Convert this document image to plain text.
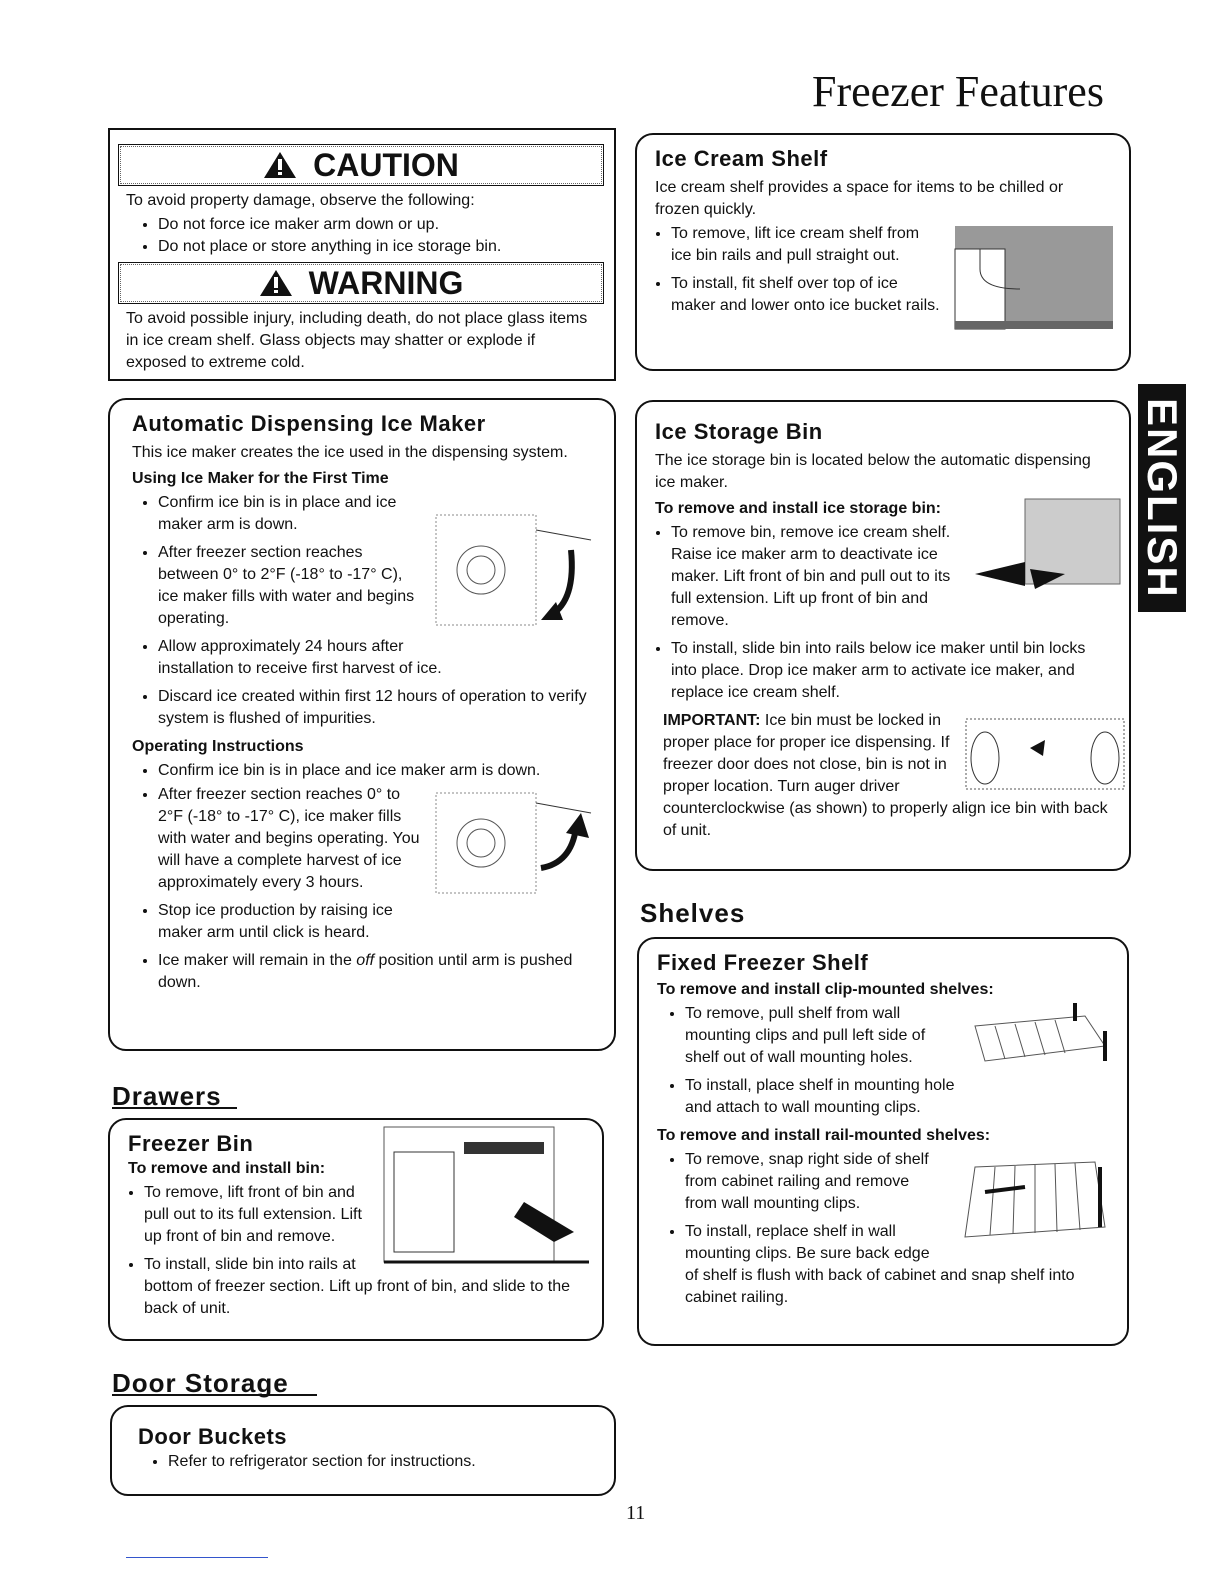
Freezer Features
CAUTION

To avoid property damage, observe the following:

• Do not force ice maker arm down or up.
• Do not place or store anything in ice storage bin.
WARNING

To avoid possible injury, including death, do not place glass items in ice cream shelf. Glass objects may shatter or explode if exposed to extreme cold.

Ice Cream Shelf

Ice cream shelf provides a space for items to be chilled or frozen quickly.

• To remove, lift ice cream shelf from ice bin rails and pull straight out.
• To install, fit shelf over top of ice maker and lower onto ice bucket rails.
Automatic Dispensing Ice Maker

This ice maker creates the ice used in the dispensing system.

Using Ice Maker for the First Time
• Confirm ice bin is in place and ice maker arm is down.
• After freezer section reaches between 0° to 2°F (-18° to -17° C), ice maker fills with water and begins operating.
• Allow approximately 24 hours after installation to receive first harvest of ice.
• Discard ice created within first 12 hours of operation to verify system is flushed of impurities.
Operating Instructions
• Confirm ice bin is in place and ice maker arm is down.
• After freezer section reaches 0° to 2°F (-18° to -17° C), ice maker fills with water and begins operating. You will have a complete harvest of ice approximately every 3 hours.
• Stop ice production by raising ice maker arm until click is heard.
• Ice maker will remain in the off position until arm is pushed down.
Ice Storage Bin

The ice storage bin is located below the automatic dispensing ice maker.

To remove and install ice storage bin:
• To remove bin, remove ice cream shelf. Raise ice maker arm to deactivate ice maker. Lift front of bin and pull out to its full extension. Lift up front of bin and remove.
• To install, slide bin into rails below ice maker until bin locks into place. Drop ice maker arm to activate ice maker, and replace ice cream shelf.

IMPORTANT: Ice bin must be locked in proper place for proper ice dispensing. If freezer door does not close, bin is not in proper location. Turn auger driver counterclockwise (as shown) to properly align ice bin with back of unit.

ENGLISH
Shelves
Fixed Freezer Shelf
To remove and install clip-mounted shelves:
• To remove, pull shelf from wall mounting clips and pull left side of shelf out of wall mounting holes.
• To install, place shelf in mounting hole and attach to wall mounting clips.
To remove and install rail-mounted shelves:
• To remove, snap right side of shelf from cabinet railing and remove from wall mounting clips.
• To install, replace shelf in wall mounting clips. Be sure back edge of shelf is flush with back of cabinet and snap shelf into cabinet railing.
Drawers
Freezer Bin
To remove and install bin:
• To remove, lift front of bin and pull out to its full extension. Lift up front of bin and remove.
• To install, slide bin into rails at bottom of freezer section. Lift up front of bin, and slide to the back of unit.
Door Storage
Door Buckets
• Refer to refrigerator section for instructions.
11
